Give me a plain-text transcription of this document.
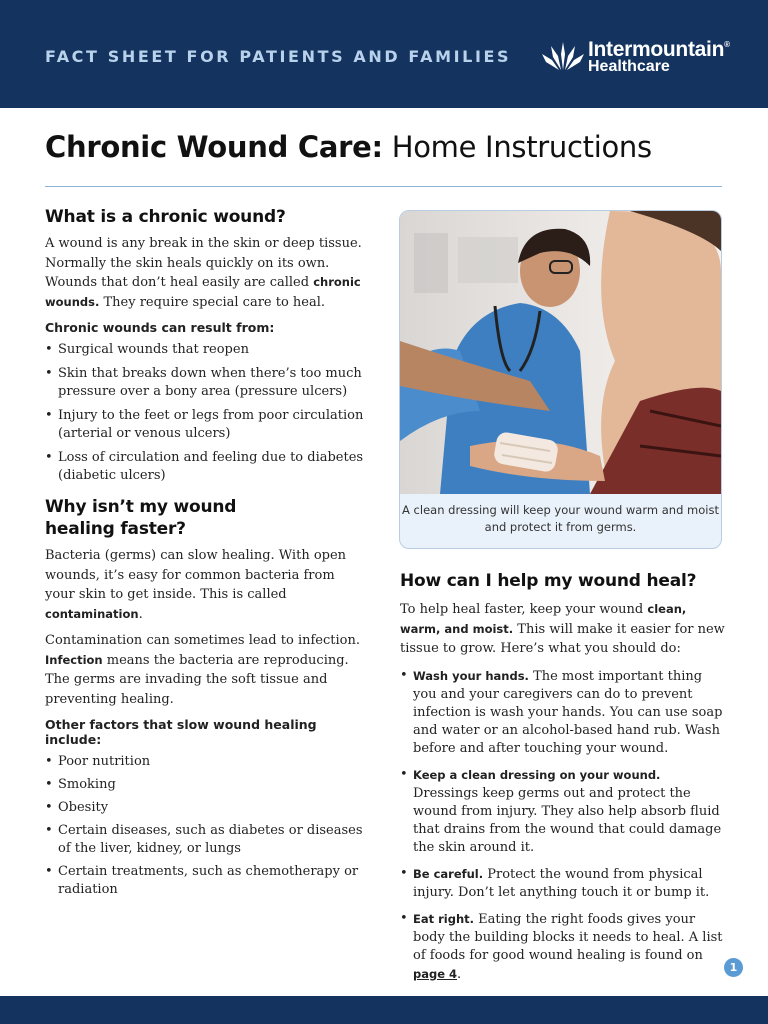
FACT SHEET FOR PATIENTS AND FAMILIES	Intermountain®
Healthcare
Chronic Wound Care: Home Instructions
What is a chronic wound?

A wound is any break in the skin or deep tissue. Normally the skin heals quickly on its own. Wounds that don’t heal easily are called chronic wounds. They require special care to heal.

Chronic wounds can result from:
• Surgical wounds that reopen
• Skin that breaks down when there’s too much pressure over a bony area (pressure ulcers)
• Injury to the feet or legs from poor circulation (arterial or venous ulcers)
• Loss of circulation and feeling due to diabetes (diabetic ulcers)
Why isn’t my wound healing faster?

Bacteria (germs) can slow healing. With open wounds, it’s easy for common bacteria from your skin to get inside. This is called contamination.

Contamination can sometimes lead to infection. Infection means the bacteria are reproducing. The germs are invading the soft tissue and preventing healing.

Other factors that slow wound healing include:
• Poor nutrition
• Smoking
• Obesity
• Certain diseases, such as diabetes or diseases of the liver, kidney, or lungs
• Certain treatments, such as chemotherapy or radiation
A clean dressing will keep your wound warm and moist and protect it from germs.
How can I help my wound heal?

To help heal faster, keep your wound clean, warm, and moist. This will make it easier for new tissue to grow. Here’s what you should do:

• Wash your hands. The most important thing you and your caregivers can do to prevent infection is wash your hands. You can use soap and water or an alcohol-based hand rub. Wash before and after touching your wound.
• Keep a clean dressing on your wound. Dressings keep germs out and protect the wound from injury. They also help absorb fluid that drains from the wound that could damage the skin around it.
• Be careful. Protect the wound from physical injury. Don’t let anything touch it or bump it.
• Eat right. Eating the right foods gives your body the building blocks it needs to heal. A list of foods for good wound healing is found on page 4.	1
